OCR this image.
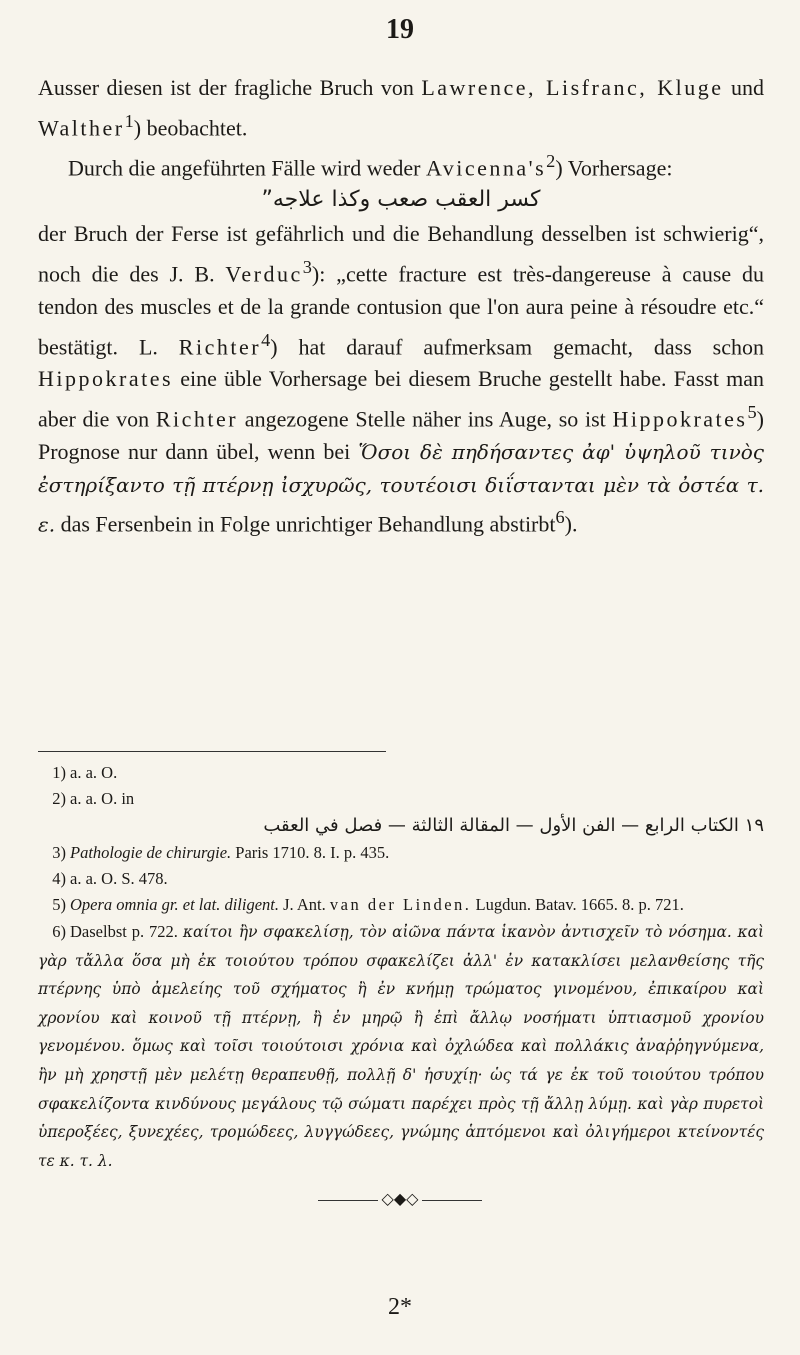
19

Ausser diesen ist der fragliche Bruch von Lawrence, Lisfranc, Kluge und Walther$^1$) beobachtet.

Durch die angeführten Fälle wird weder $Avicenna's^2$) Vorhersage:

كسر العقب صعب وكذا علاجه”

der Bruch der Ferse ist gefährlich und die Behandlung desselben ist schwierig“, noch die des J. B. Verduc$^3$): „cette fracture est très-dangereuse à cause du tendon des muscles et de la grande contusion que l'on aura peine à résoudre etc.“ bestätigt. L. Richter$^4$) hat darauf aufmerksam gemacht, dass schon Hippokrates eine üble Vorhersage bei diesem Bruche gestellt habe. Fasst man aber die von Richter angezogene Stelle näher ins Auge, so ist Hippokrates$^5$) Prognose nur dann übel, wenn bei Ὅσοι δὲ πηδήσαντες ἀφ' ὑψηλοῦ τινὸς ἐστηρίξαντο τῇ πτέρνῃ ἰσχυρῶς, τουτέοισι διΐστανται μὲν τὰ ὀστέα τ. ε. das Fersenbein in Folge unrichtiger Behandlung abstirbt$^6$).

1) a. a. O.

2) a. a. O. in

١٩ الكتاب الرابع — الفن الأول — المقالة الثالثة — فصل في العقب

3) Pathologie de chirurgie. Paris 1710. 8. I. p. 435.

4) a. a. O. S. 478.

5) Opera omnia gr. et lat. diligent. J. Ant. van der Linden. Lugdun. Batav. 1665. 8. p. 721.

6) Daselbst p. 722. καίτοι ἢν σφακελίσῃ, τὸν αἰῶνα πάντα ἱκανὸν ἀντισχεῖν τὸ νόσημα. καὶ γὰρ τἄλλα ὅσα μὴ ἐκ τοιούτου τρόπου σφακελίζει ἀλλ' ἐν κατακλίσει μελανθείσης τῆς πτέρνης ὑπὸ ἀμελείης τοῦ σχήματος ἢ ἐν κνήμῃ τρώματος γινομένου, ἐπικαίρου καὶ χρονίου καὶ κοινοῦ τῇ πτέρνῃ, ἢ ἐν μηρῷ ἢ ἐπὶ ἄλλῳ νοσήματι ὑπτιασμοῦ χρονίου γενομένου. ὅμως καὶ τοῖσι τοιούτοισι χρόνια καὶ ὀχλώδεα καὶ πολλάκις ἀναῤῥηγνύμενα, ἢν μὴ χρηστῇ μὲν μελέτῃ θεραπευθῇ, πολλῇ δ' ἡσυχίῃ· ὡς τά γε ἐκ τοῦ τοιούτου τρόπου σφακελίζοντα κινδύνους μεγάλους τῷ σώματι παρέχει πρὸς τῇ ἄλλῃ λύμῃ. καὶ γὰρ πυρετοὶ ὑπεροξέες, ξυνεχέες, τρομώδεες, λυγγώδεες, γνώμης ἁπτόμενοι καὶ ὀλιγήμεροι κτείνοντές τε κ. τ. λ.

◇◆◇
2*
